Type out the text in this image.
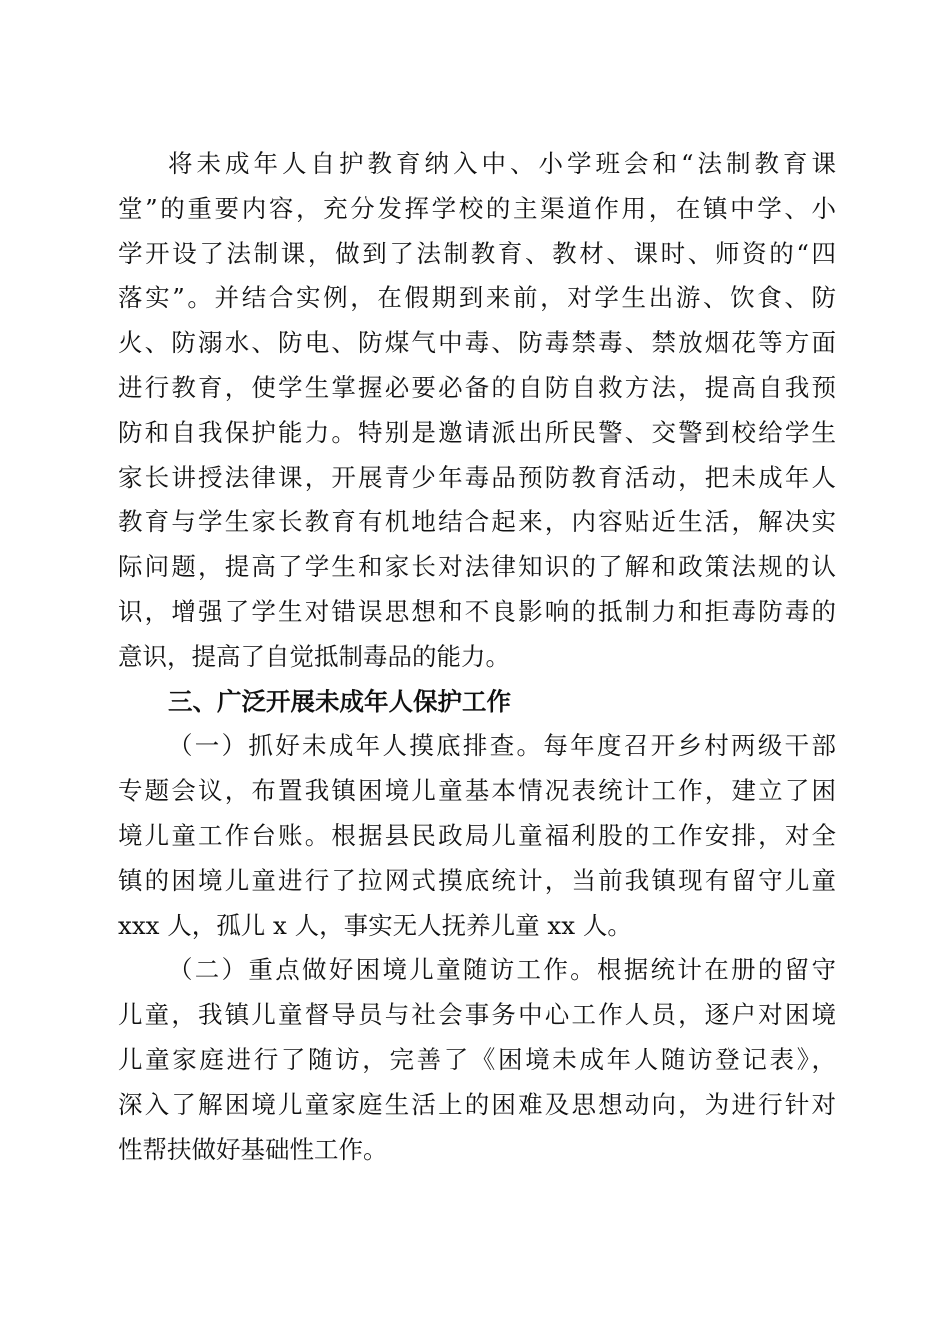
将未成年人自护教育纳入中、小学班会和“法制教育课
堂”的重要内容，充分发挥学校的主渠道作用，在镇中学、小
学开设了法制课，做到了法制教育、教材、课时、师资的“四
落实”。并结合实例，在假期到来前，对学生出游、饮食、防
火、防溺水、防电、防煤气中毒、防毒禁毒、禁放烟花等方面
进行教育，使学生掌握必要必备的自防自救方法，提高自我预
防和自我保护能力。特别是邀请派出所民警、交警到校给学生
家长讲授法律课，开展青少年毒品预防教育活动，把未成年人
教育与学生家长教育有机地结合起来，内容贴近生活，解决实
际问题，提高了学生和家长对法律知识的了解和政策法规的认
识，增强了学生对错误思想和不良影响的抵制力和拒毒防毒的
意识，提高了自觉抵制毒品的能力。
三、广泛开展未成年人保护工作
（一）抓好未成年人摸底排查。每年度召开乡村两级干部
专题会议，布置我镇困境儿童基本情况表统计工作，建立了困
境儿童工作台账。根据县民政局儿童福利股的工作安排，对全
镇的困境儿童进行了拉网式摸底统计，当前我镇现有留守儿童
xxx 人，孤儿 x 人，事实无人抚养儿童 xx 人。
（二）重点做好困境儿童随访工作。根据统计在册的留守
儿童，我镇儿童督导员与社会事务中心工作人员，逐户对困境
儿童家庭进行了随访，完善了《困境未成年人随访登记表》，
深入了解困境儿童家庭生活上的困难及思想动向，为进行针对
性帮扶做好基础性工作。
